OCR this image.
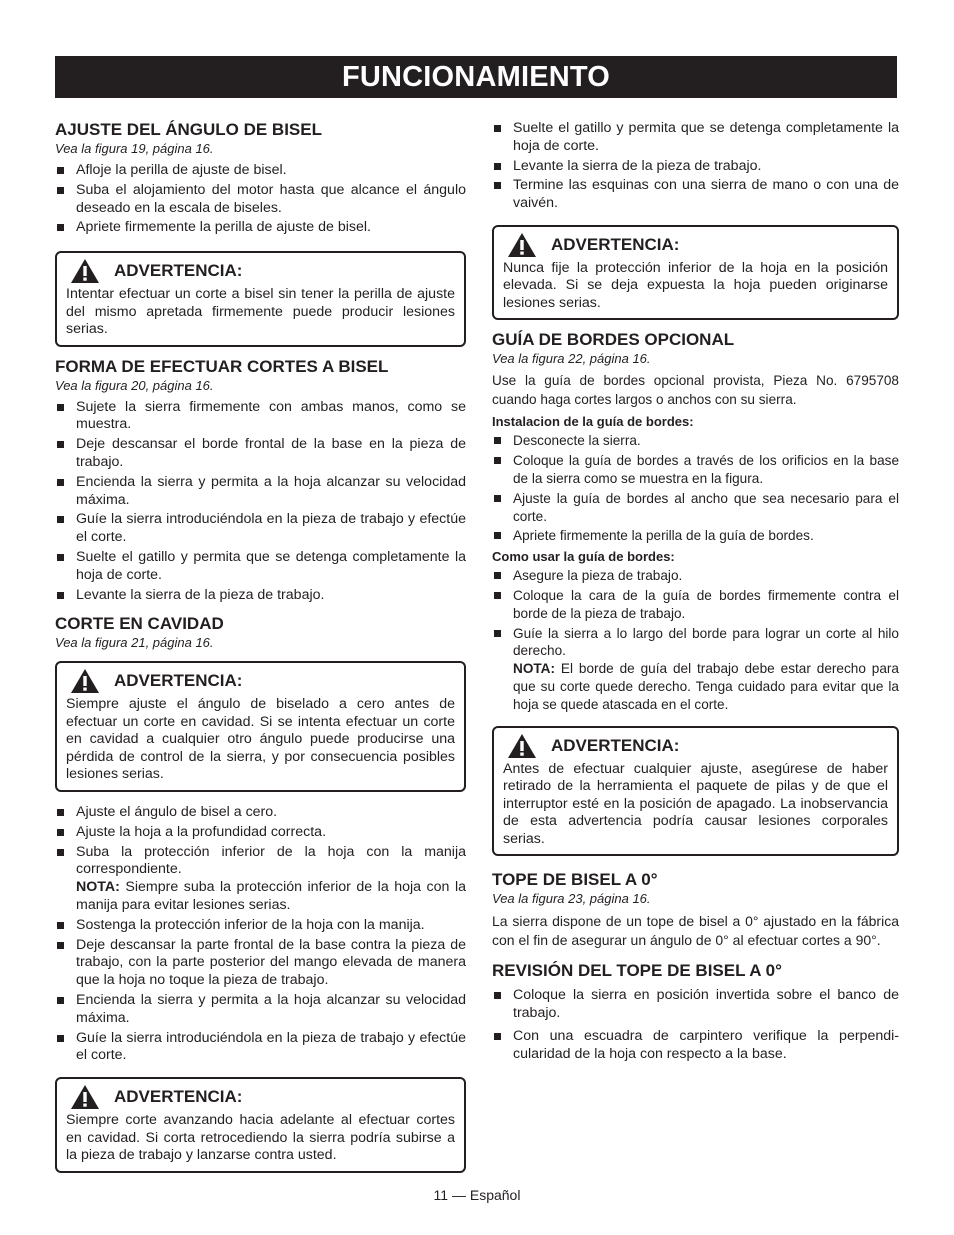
FUNCIONAMIENTO
AJUSTE DEL ÁNGULO DE BISEL
Vea la figura 19, página 16.
Afloje la perilla de ajuste de bisel.
Suba el alojamiento del motor hasta que alcance el ángulo deseado en la escala de biseles.
Apriete firmemente la perilla de ajuste de bisel.
ADVERTENCIA:

Intentar efectuar un corte a bisel sin tener la perilla de ajuste del mismo apretada firmemente puede producir lesiones serias.

FORMA DE EFECTUAR CORTES A BISEL
Vea la figura 20, página 16.
Sujete la sierra firmemente con ambas manos, como se muestra.
Deje descansar el borde frontal de la base en la pieza de trabajo.
Encienda la sierra y permita a la hoja alcanzar su velocidad máxima.
Guíe la sierra introduciéndola en la pieza de trabajo y efectúe el corte.
Suelte el gatillo y permita que se detenga completamente la hoja de corte.
Levante la sierra de la pieza de trabajo.
CORTE EN CAVIDAD
Vea la figura 21, página 16.
ADVERTENCIA:

Siempre ajuste el ángulo de biselado a cero antes de efectuar un corte en cavidad. Si se intenta efectuar un corte en cavidad a cualquier otro ángulo puede producirse una pérdida de control de la sierra, y por consecuencia posibles lesiones serias.

Ajuste el ángulo de bisel a cero.
Ajuste la hoja a la profundidad correcta.
Suba la protección inferior de la hoja con la manija correspondiente.
NOTA: Siempre suba la protección inferior de la hoja con la manija para evitar lesiones serias.
Sostenga la protección inferior de la hoja con la manija.
Deje descansar la parte frontal de la base contra la pieza de trabajo, con la parte posterior del mango elevada de manera que la hoja no toque la pieza de trabajo.
Encienda la sierra y permita a la hoja alcanzar su velocidad máxima.
Guíe la sierra introduciéndola en la pieza de trabajo y efectúe el corte.
ADVERTENCIA:

Siempre corte avanzando hacia adelante al efectuar cortes en cavidad. Si corta retrocediendo la sierra podría subirse a la pieza de trabajo y lanzarse contra usted.

Suelte el gatillo y permita que se detenga completamente la hoja de corte.
Levante la sierra de la pieza de trabajo.
Termine las esquinas con una sierra de mano o con una de vaivén.
ADVERTENCIA:

Nunca fije la protección inferior de la hoja en la posición elevada. Si se deja expuesta la hoja pueden originarse lesiones serias.

GUÍA DE BORDES OPCIONAL
Vea la figura 22, página 16.

Use la guía de bordes opcional provista, Pieza No. 6795708 cuando haga cortes largos o anchos con su sierra.

Instalacion de la guía de bordes:
Desconecte la sierra.
Coloque la guía de bordes a través de los orificios en la base de la sierra como se muestra en la figura.
Ajuste la guía de bordes al ancho que sea necesario para el corte.
Apriete firmemente la perilla de la guía de bordes.
Como usar la guía de bordes:
Asegure la pieza de trabajo.
Coloque la cara de la guía de bordes firmemente contra el borde de la pieza de trabajo.
Guíe la sierra a lo largo del borde para lograr un corte al hilo derecho.
NOTA: El borde de guía del trabajo debe estar derecho para que su corte quede derecho. Tenga cuidado para evitar que la hoja se quede atascada en el corte.
ADVERTENCIA:

Antes de efectuar cualquier ajuste, asegúrese de haber retirado de la herramienta el paquete de pilas y de que el interruptor esté en la posición de apagado. La inobservancia de esta advertencia podría causar lesiones corporales serias.

TOPE DE BISEL A 0°
Vea la figura 23, página 16.

La sierra dispone de un tope de bisel a 0° ajustado en la fábrica con el fin de asegurar un ángulo de 0° al efectuar cortes a 90°.

REVISIÓN DEL TOPE DE BISEL A 0°
Coloque la sierra en posición invertida sobre el banco de trabajo.
Con una escuadra de carpintero verifique la perpendi-cularidad de la hoja con respecto a la base.
11 — Español
